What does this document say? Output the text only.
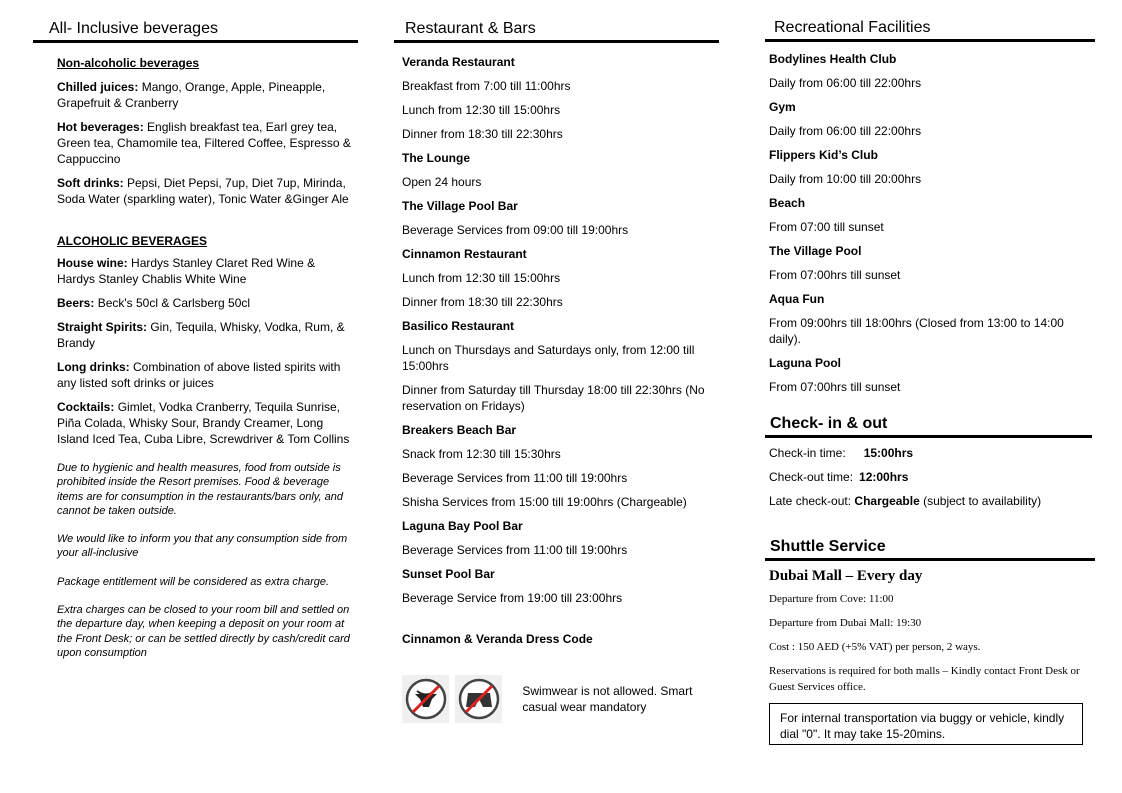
All- Inclusive beverages

Non-alcoholic beverages

Chilled juices: Mango, Orange, Apple, Pineapple, Grapefruit & Cranberry

Hot beverages: English breakfast tea, Earl grey tea, Green tea, Chamomile tea, Filtered Coffee, Espresso & Cappuccino

Soft drinks: Pepsi, Diet Pepsi, 7up, Diet 7up, Mirinda, Soda Water (sparkling water), Tonic Water &Ginger Ale

ALCOHOLIC BEVERAGES

House wine: Hardys Stanley Claret Red Wine & Hardys Stanley Chablis White Wine

Beers: Beck's 50cl & Carlsberg 50cl

Straight Spirits: Gin, Tequila, Whisky, Vodka, Rum, & Brandy

Long drinks: Combination of above listed spirits with any listed soft drinks or juices

Cocktails: Gimlet, Vodka Cranberry, Tequila Sunrise, Piña Colada, Whisky Sour, Brandy Creamer, Long Island Iced Tea, Cuba Libre, Screwdriver & Tom Collins

Due to hygienic and health measures, food from outside is prohibited inside the Resort premises. Food & beverage items are for consumption in the restaurants/bars only, and cannot be taken outside.

We would like to inform you that any consumption side from your all-inclusive

Package entitlement will be considered as extra charge.

Extra charges can be closed to your room bill and settled on the departure day, when keeping a deposit on your room at the Front Desk; or can be settled directly by cash/credit card upon consumption

Restaurant & Bars

Veranda Restaurant

Breakfast from 7:00 till 11:00hrs

Lunch from 12:30 till 15:00hrs

Dinner from 18:30 till 22:30hrs

The Lounge

Open 24 hours

The Village Pool Bar

Beverage Services from 09:00 till 19:00hrs

Cinnamon Restaurant

Lunch from 12:30 till 15:00hrs

Dinner from 18:30 till 22:30hrs

Basilico Restaurant

Lunch on Thursdays and Saturdays only, from 12:00 till 15:00hrs

Dinner from Saturday till Thursday 18:00 till 22:30hrs (No reservation on Fridays)

Breakers Beach Bar

Snack from 12:30 till 15:30hrs

Beverage Services from 11:00 till 19:00hrs

Shisha Services from 15:00 till 19:00hrs (Chargeable)

Laguna Bay Pool Bar

Beverage Services from 11:00 till 19:00hrs

Sunset Pool Bar

Beverage Service from 19:00 till 23:00hrs

Cinnamon & Veranda Dress Code

Swimwear is not allowed. Smart casual wear mandatory

Recreational Facilities

Bodylines Health Club

Daily from 06:00 till 22:00hrs

Gym

Daily from 06:00 till 22:00hrs

Flippers Kid’s Club

Daily from 10:00 till 20:00hrs

Beach

From 07:00 till sunset

The Village Pool

From 07:00hrs till sunset

Aqua Fun

From 09:00hrs till 18:00hrs (Closed from 13:00 to 14:00 daily).

Laguna Pool

From 07:00hrs till sunset

Check- in & out

Check-in time: 15:00hrs

Check-out time: 12:00hrs

Late check-out: Chargeable (subject to availability)

Shuttle Service

Dubai Mall – Every day

Departure from Cove: 11:00

Departure from Dubai Mall: 19:30

Cost : 150 AED (+5% VAT) per person, 2 ways.

Reservations is required for both malls – Kindly contact Front Desk or Guest Services office.

For internal transportation via buggy or vehicle, kindly dial "0". It may take 15-20mins.
